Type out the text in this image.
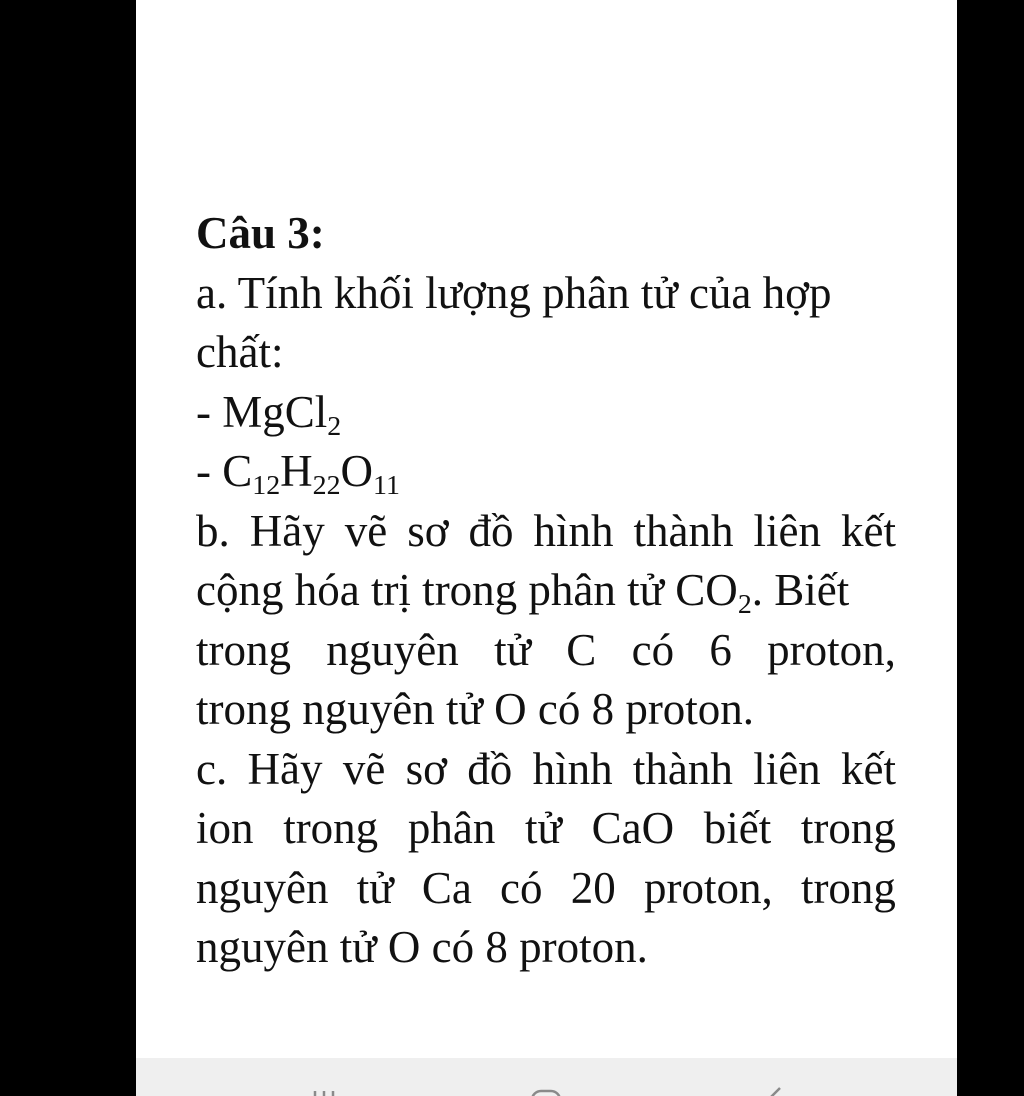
Câu 3:
a. Tính khối lượng phân tử của hợp
chất:
- MgCl$_2$
- $C_{12}H_{22}O_{11}$
b. Hãy vẽ sơ đồ hình thành liên kết
cộng hóa trị trong phân tử $CO_2$. Biết
trong nguyên tử C có 6 proton,
trong nguyên tử O có 8 proton.
c. Hãy vẽ sơ đồ hình thành liên kết
ion trong phân tử CaO biết trong
nguyên tử Ca có 20 proton, trong
nguyên tử O có 8 proton.
